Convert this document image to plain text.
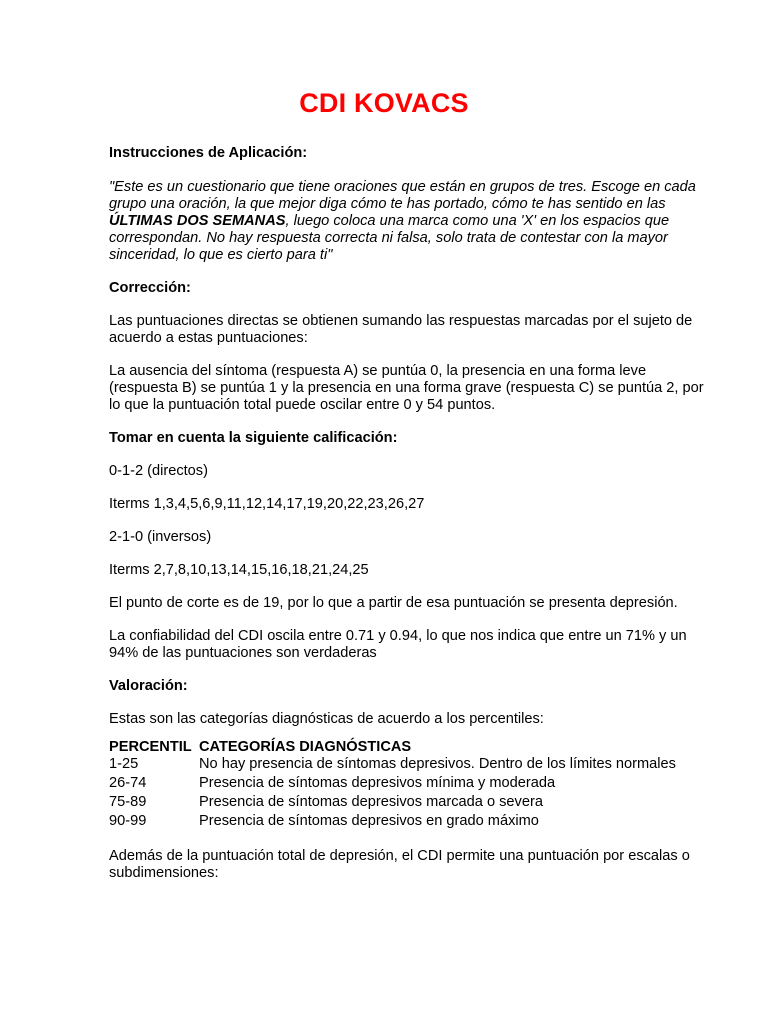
CDI KOVACS

Instrucciones de Aplicación:

"Este es un cuestionario que tiene oraciones que están en grupos de tres. Escoge en cada grupo una oración, la que mejor diga cómo te has portado, cómo te has sentido en las ÚLTIMAS DOS SEMANAS, luego coloca una marca como una 'X' en los espacios que correspondan. No hay respuesta correcta ni falsa, solo trata de contestar con la mayor sinceridad, lo que es cierto para ti"

Corrección:

Las puntuaciones directas se obtienen sumando las respuestas marcadas por el sujeto de acuerdo a estas puntuaciones:

La ausencia del síntoma (respuesta A) se puntúa 0, la presencia en una forma leve (respuesta B) se puntúa 1 y la presencia en una forma grave (respuesta C) se puntúa 2, por lo que la puntuación total puede oscilar entre 0 y 54 puntos.

Tomar en cuenta la siguiente calificación:

0-1-2 (directos)

Iterms 1,3,4,5,6,9,11,12,14,17,19,20,22,23,26,27

2-1-0 (inversos)

Iterms 2,7,8,10,13,14,15,16,18,21,24,25

El punto de corte es de 19, por lo que a partir de esa puntuación se presenta depresión.

La confiabilidad del CDI oscila entre 0.71 y 0.94, lo que nos indica que entre un 71% y un 94% de las puntuaciones son verdaderas

Valoración:

Estas son las categorías diagnósticas de acuerdo a los percentiles:

PERCENTIL	CATEGORÍAS DIAGNÓSTICAS
1-25	No hay presencia de síntomas depresivos. Dentro de los límites normales
26-74	Presencia de síntomas depresivos mínima y moderada
75-89	Presencia de síntomas depresivos marcada o severa
90-99	Presencia de síntomas depresivos en grado máximo

Además de la puntuación total de depresión, el CDI permite una puntuación por escalas o subdimensiones:
